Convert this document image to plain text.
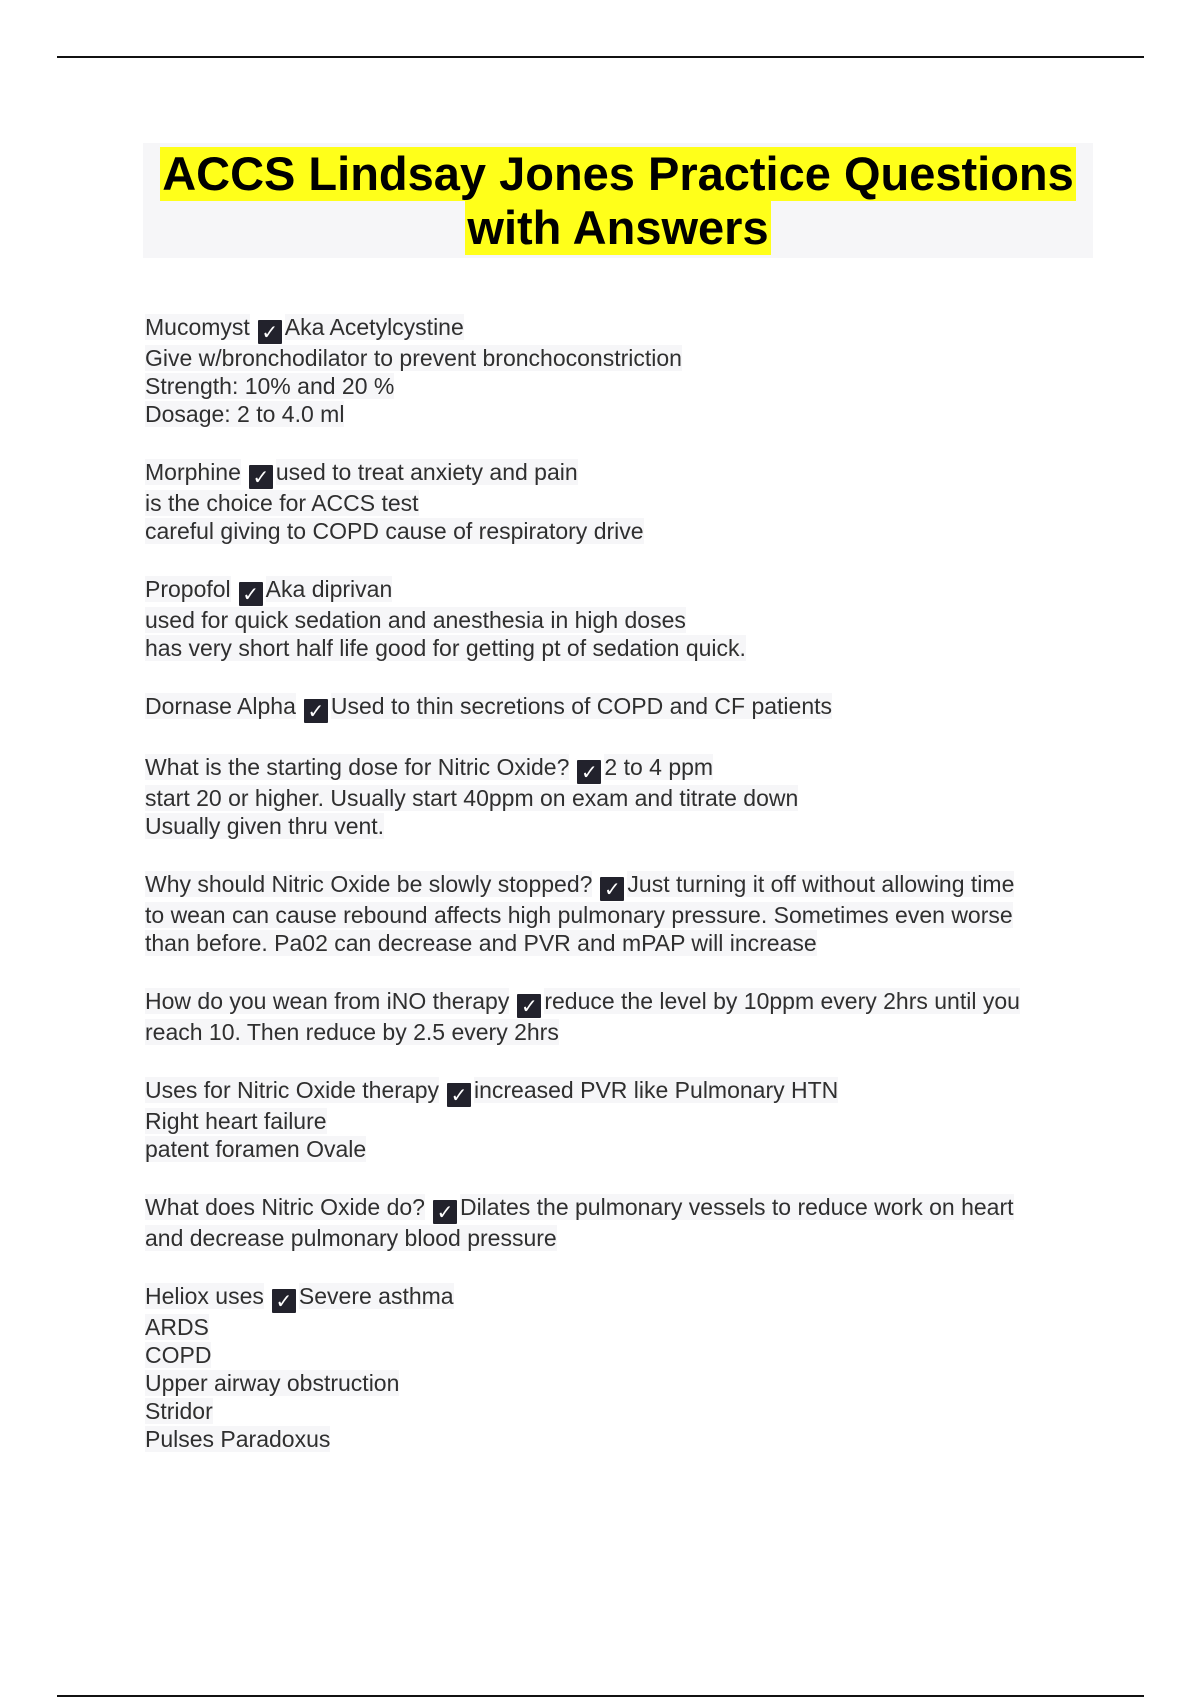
ACCS Lindsay Jones Practice Questions
with Answers
Mucomyst ✓ Aka Acetylcystine
Give w/bronchodilator to prevent bronchoconstriction
Strength: 10% and 20 %
Dosage: 2 to 4.0 ml
Morphine ✓ used to treat anxiety and pain
is the choice for ACCS test
careful giving to COPD cause of respiratory drive
Propofol ✓ Aka diprivan
used for quick sedation and anesthesia in high doses
has very short half life good for getting pt of sedation quick.
Dornase Alpha ✓ Used to thin secretions of COPD and CF patients
What is the starting dose for Nitric Oxide? ✓ 2 to 4 ppm
start 20 or higher. Usually start 40ppm on exam and titrate down
Usually given thru vent.
Why should Nitric Oxide be slowly stopped? ✓ Just turning it off without allowing time
to wean can cause rebound affects high pulmonary pressure. Sometimes even worse
than before. Pa02 can decrease and PVR and mPAP will increase
How do you wean from iNO therapy ✓ reduce the level by 10ppm every 2hrs until you
reach 10. Then reduce by 2.5 every 2hrs
Uses for Nitric Oxide therapy ✓ increased PVR like Pulmonary HTN
Right heart failure
patent foramen Ovale
What does Nitric Oxide do? ✓ Dilates the pulmonary vessels to reduce work on heart
and decrease pulmonary blood pressure
Heliox uses ✓ Severe asthma
ARDS
COPD
Upper airway obstruction
Stridor
Pulses Paradoxus
